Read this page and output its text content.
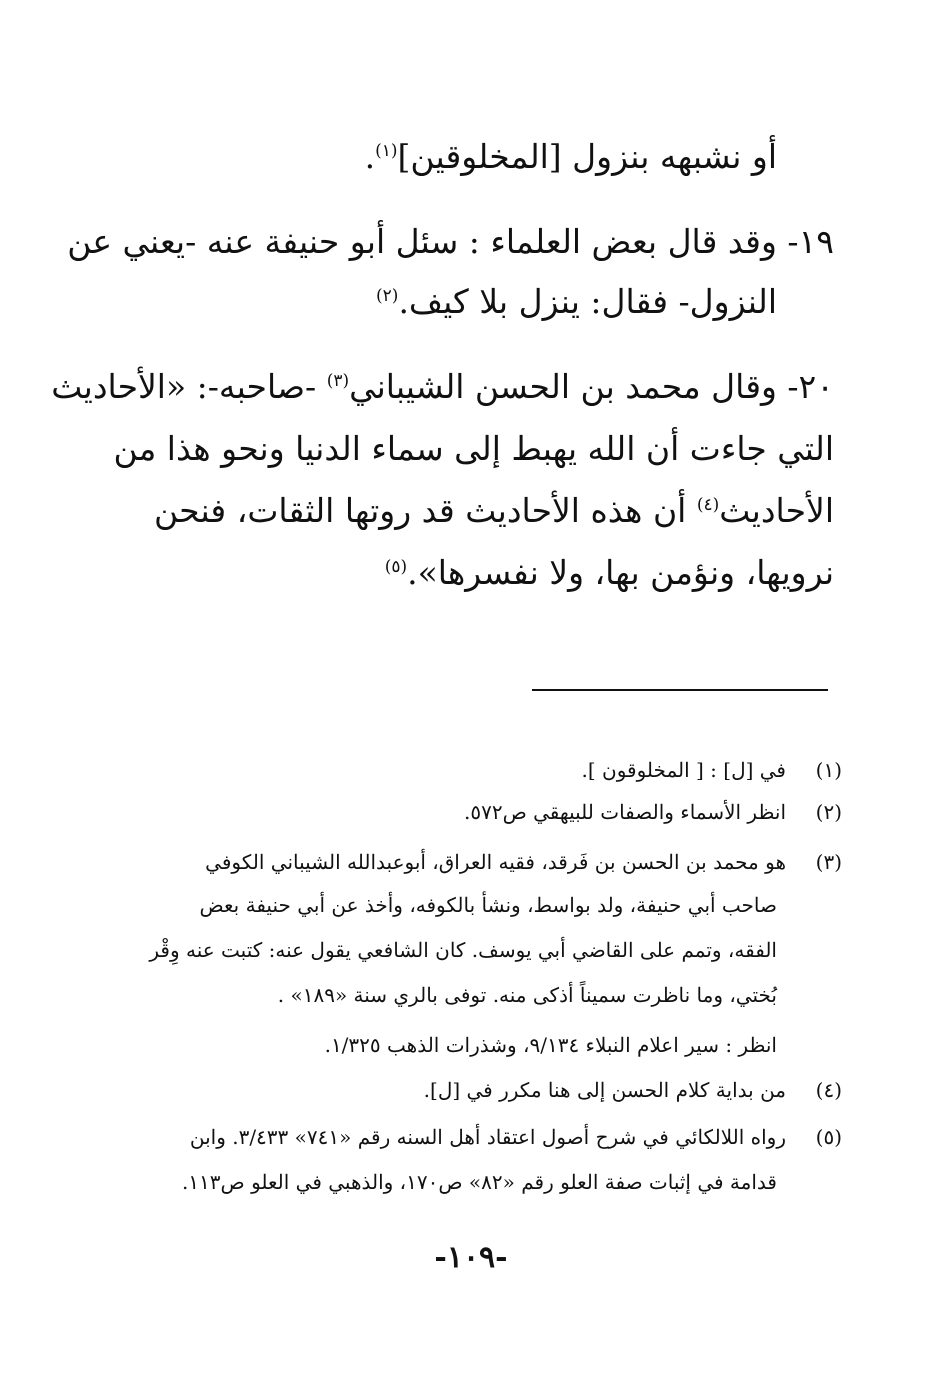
أو نشبهه بنزول [المخلوقين]$^{(١)}$.
١٩- وقد قال بعض العلماء : سئل أبو حنيفة عنه -يعني عن
النزول- فقال: ينزل بلا كيف.$^{(٢)}$
٢٠- وقال محمد بن الحسن الشيباني$^{(٣)}$ -صاحبه-: «الأحاديث
التي جاءت أن الله يهبط إلى سماء الدنيا ونحو هذا من
الأحاديث$^{(٤)}$ أن هذه الأحاديث قد روتها الثقات، فنحن
نرويها، ونؤمن بها، ولا نفسرها».$^{(٥)}$
(١)في [ل] : [ المخلوقون ].
(٢)انظر الأسماء والصفات للبيهقي ص٥٧٢.
(٣)هو محمد بن الحسن بن فَرقد، فقيه العراق، أبوعبدالله الشيباني الكوفي
صاحب أبي حنيفة، ولد بواسط، ونشأ بالكوفه، وأخذ عن أبي حنيفة بعض
الفقه، وتمم على القاضي أبي يوسف. كان الشافعي يقول عنه: كتبت عنه وِقْر
بُختي، وما ناظرت سميناً أذكى منه. توفى بالري سنة «١٨٩» .
انظر : سير اعلام النبلاء ٩/١٣٤، وشذرات الذهب ١/٣٢٥.
(٤)من بداية كلام الحسن إلى هنا مكرر في [ل].
(٥)رواه اللالكائي في شرح أصول اعتقاد أهل السنه رقم «٧٤١» ٣/٤٣٣. وابن
قدامة في إثبات صفة العلو رقم «٨٢» ص١٧٠، والذهبي في العلو ص١١٣.
-١٠٩-
